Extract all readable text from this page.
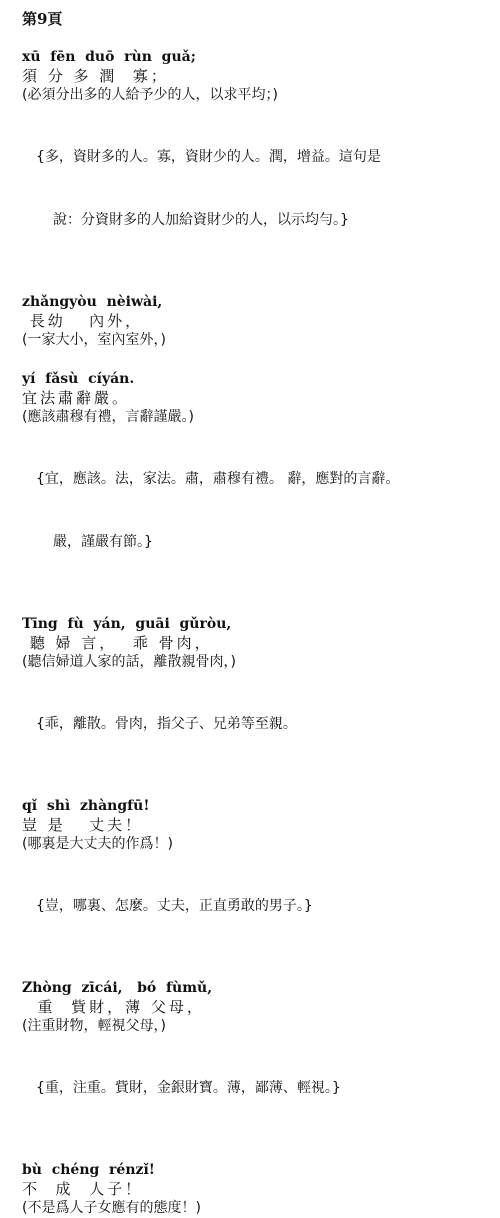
第9頁
xū  fēn  duō  rùn  guǎ;
須 分 多 潤  寡；
(必須分出多的人給予少的人，以求平均；)

{多，資財多的人。寡，資財少的人。潤，增益。這句是

說：分資財多的人加給資財少的人，以示均勻。}

zhǎngyòu  nèiwài,
長幼   內外，
(一家大小，室內室外，)
yí  fǎsù  cíyán.
宜法肅辭嚴。
(應該肅穆有禮，言辭謹嚴。)

{宜，應該。法，家法。肅，肅穆有禮。 辭，應對的言辭。

嚴，謹嚴有節。}

Tīng  fù  yán,  guāi  gǔròu,
聽 婦 言，  乖 骨肉，
(聽信婦道人家的話，離散親骨肉，)

{乖，離散。骨肉，指父子、兄弟等至親。

qǐ  shì  zhàngfū!
豈 是   丈夫！
(哪裏是大丈夫的作爲！)

{豈，哪裏、怎麼。丈夫，正直勇敢的男子。}

Zhòng  zīcái,   bó  fùmǔ,
重  貲財，薄 父母，
(注重財物，輕視父母，)

{重，注重。貲財，金銀財寶。薄，鄙薄、輕視。}

bù  chéng  rénzǐ!
不  成  人子！
(不是爲人子女應有的態度！)
